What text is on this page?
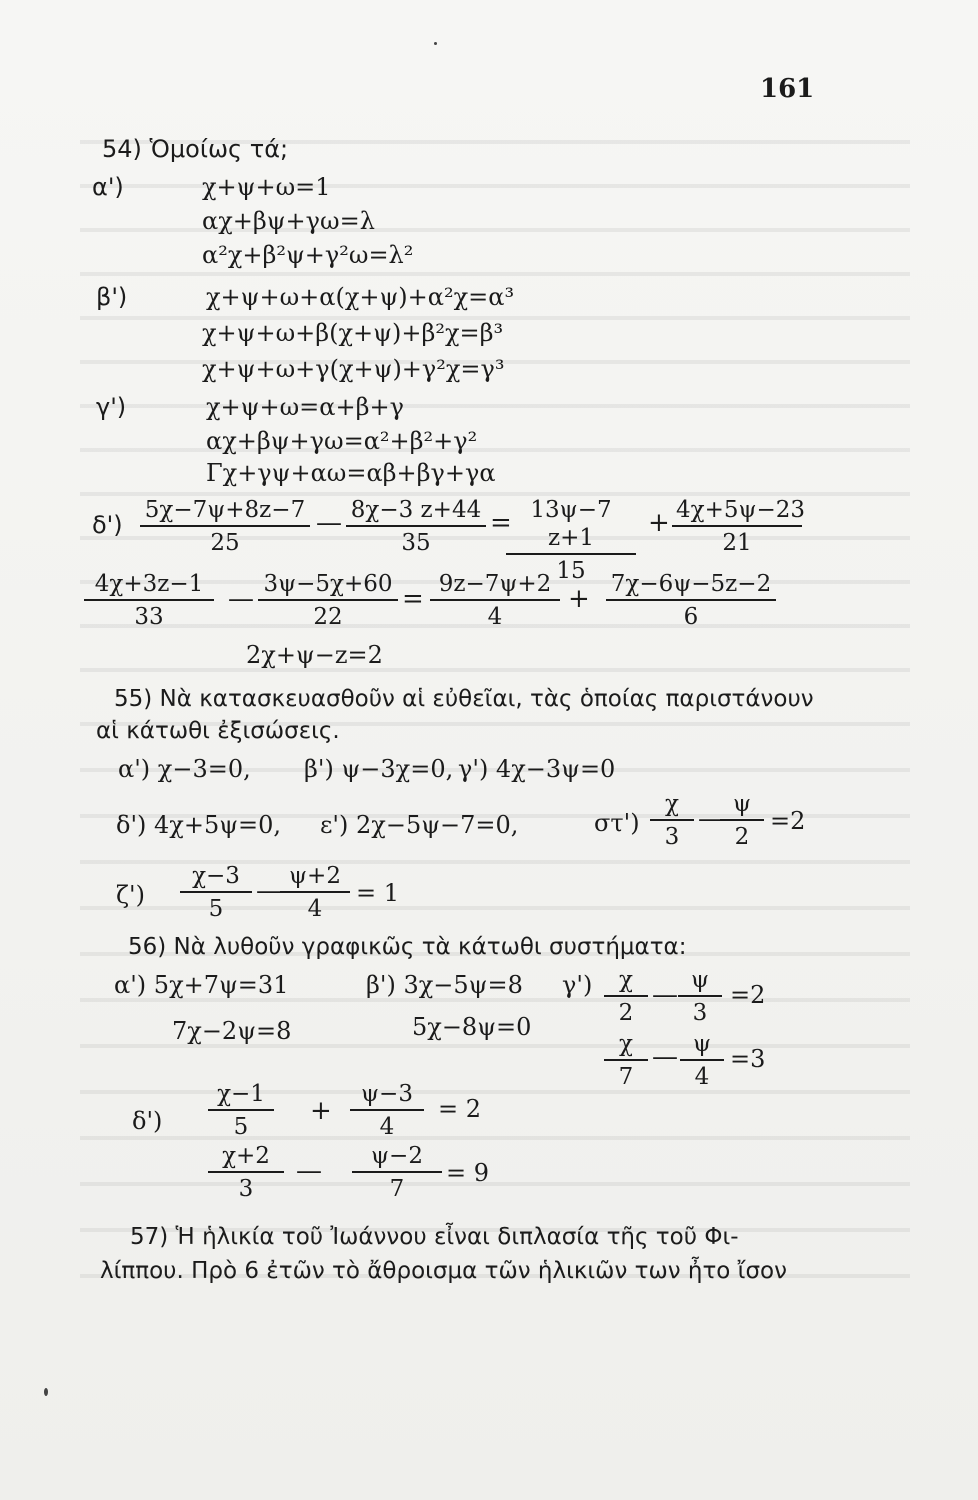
161
54) Ὁμοίως τά;
α')	χ+ψ+ω=1
αχ+βψ+γω=λ
α²χ+β²ψ+γ²ω=λ²
β')	χ+ψ+ω+α(χ+ψ)+α²χ=α³
χ+ψ+ω+β(χ+ψ)+β²χ=β³
χ+ψ+ω+γ(χ+ψ)+γ²χ=γ³
γ')	χ+ψ+ω=α+β+γ
αχ+βψ+γω=α²+β²+γ²
Γχ+γψ+αω=αβ+βγ+γα
$\delta') \frac{5\chi-7\psi+8z-7}{25}$ — $\frac{8\chi-3 z+44}{35}$ =
$\frac{13\psi-7 z+1}{15} + \frac{4\chi+5\psi-23}{21}$
$\frac{4\chi+3z-1}{33}$ — $\frac{3\psi-5\chi+60}{22} = \frac{9z-7\psi+2}{4} + \frac{7\chi-6\psi-5z-2}{6}$
2χ+ψ−z=2
55) Νὰ κατασκευασθοῦν αἱ εὐθεῖαι, τὰς ὁποίας παριστάνουν
αἱ κάτωθι ἐξισώσεις.
α') χ−3=0, β') ψ−3χ=0, γ') 4χ−3ψ=0
δ') 4χ+5ψ=0, ε') 2χ−5ψ−7=0,	$\sigma\tau') \frac{\chi}{3}$ —
$\frac{\psi}{2} =2$
$\zeta') \frac{\chi-3}{5}$ —
$\frac{\psi+2}{4} = 1$
56) Νὰ λυθοῦν γραφικῶς τὰ κάτωθι συστήματα:
α') 5χ+7ψ=31
7χ−2ψ=8
β') 3χ−5ψ=8
5χ−8ψ=0
$\gamma') \frac{\chi}{2}$ — $\frac{\psi}{3} =2$
$\frac{\chi}{7}$ — $\frac{\psi}{4} =3$
$\delta') \frac{\chi-1}{5} + \frac{\psi-3}{4} = 2$
$\frac{\chi+2}{3}$ — $\frac{\psi-2}{7} = 9$
57) Ἡ ἡλικία τοῦ Ἰωάννου εἶναι διπλασία τῆς τοῦ Φι-
λίππου. Πρὸ 6 ἐτῶν τὸ ἄθροισμα τῶν ἡλικιῶν των ἦτο ἴσον
